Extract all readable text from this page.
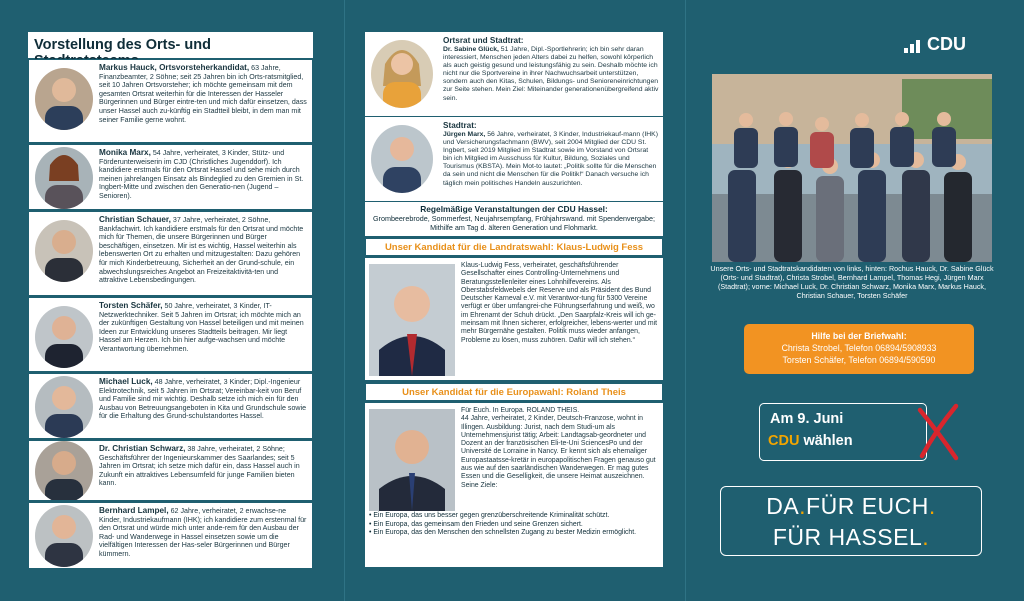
Vorstellung des Orts- und
Markus Hauck, Ortsvorsteherkandidat, 63 Jahre, Finanzbeamter, 2 Söhne; seit 25 Jahren bin ich Orts-ratsmitglied, seit 10 Jahren Ortsvorsteher; ich möchte gemeinsam mit dem gesamten Ortsrat weiterhin für die Interessen der Hasseler Bürgerinnen und Bürger eintre-ten und mich dafür einsetzen, dass unser Hassel auch zu-künftig ein Stadtteil bleibt, in dem man mit seiner Familie gerne wohnt.
Monika Marx, 54 Jahre, verheiratet, 3 Kinder, Stütz- und Förderunterweiserin im CJD (Christliches Jugenddorf). Ich kandidiere erstmals für den Ortsrat Hassel und sehe mich durch meinen jahrelangen Einsatz als Bindeglied zu den Gremien in St. Ingbert-Mitte und zwischen den Generatio-nen (Jugend – Senioren).
Christian Schauer, 37 Jahre, verheiratet, 2 Söhne, Bankfachwirt. Ich kandidiere erstmals für den Ortsrat und möchte mich für Themen, die unsere Bürgerinnen und Bürger beschäftigen, einsetzen. Mir ist es wichtig, Hassel weiterhin als lebenswerten Ort zu erhalten und mitzugestalten: Dazu gehören für mich Kinderbetreuung, Sicherheit an der Grund-schule, ein abwechslungsreiches Angebot an Freizeitaktivitä-ten und attraktive Lebensbedingungen.
Torsten Schäfer, 50 Jahre, verheiratet, 3 Kinder, IT-Netzwerktechniker. Seit 5 Jahren im Ortsrat; ich möchte mich an der zukünftigen Gestaltung von Hassel beteiligen und mit meinen Ideen zur Entwicklung unseres Stadtteils beitragen. Mir liegt Hassel am Herzen. Ich bin hier aufge-wachsen und möchte Verantwortung übernehmen.
Michael Luck, 48 Jahre, verheiratet, 3 Kinder; Dipl.-Ingenieur Elektrotechnik, seit 5 Jahren im Ortsrat; Vereinbar-keit von Beruf und Familie sind mir wichtig. Deshalb setze ich mich ein für den Ausbau von Betreuungsangeboten in Kita und Grundschule sowie für die Erhaltung des Grund-schulstandortes Hassel.
Dr. Christian Schwarz, 38 Jahre, verheiratet, 2 Söhne; Geschäftsführer der Ingenieurskammer des Saarlandes; seit 5 Jahren im Ortsrat; ich setze mich dafür ein, dass Hassel auch in Zukunft ein attraktives Lebensumfeld für junge Familien bieten kann.
Bernhard Lampel, 62 Jahre, verheiratet, 2 erwachse-ne Kinder, Industriekaufmann (IHK); ich kandidiere zum erstenmal für den Ortsrat und würde mich unter ande-rem für den Ausbau der Rad- und Wanderwege in Hassel einsetzen sowie um die vielfältigen Interessen der Has-seler Bürgerinnen und Bürger kümmern.
Ortsrat und Stadtrat:
Dr. Sabine Glück, 51 Jahre, Dipl.-Sportlehrerin; ich bin sehr daran interessiert, Menschen jeden Alters dabei zu helfen, sowohl körperlich als auch geistig gesund und leistungsfähig zu sein. Deshalb möchte ich nicht nur die Sportvereine in ihrer Nachwuchsarbeit unterstützen, sondern auch den Kitas, Schulen, Bildungs- und Senioreneinrichtungen zur Seite stehen. Mein Ziel: Miteinander generationenübergreifend aktiv sein.
Stadtrat:
Jürgen Marx, 56 Jahre, verheiratet, 3 Kinder, Industriekauf-mann (IHK) und Versicherungsfachmann (BWV), seit 2004 Mitglied der CDU St. Ingbert, seit 2019 Mitglied im Stadtrat sowie im Vorstand von Ortsrat bin ich Mitglied im Ausschuss für Kultur, Bildung, Soziales und Tourismus (KBSTA). Mein Mot-to lautet: „Politik sollte für die Menschen da sein und nicht die Menschen für die Politik!“ Danach versuche ich täglich mein politisches Handeln auszurichten.
Regelmäßige Veranstaltungen der CDU Hassel:
Grombeerebrode, Sommerfest, Neujahrsempfang, Frühjahrswand. mit Spendenvergabe; Mithilfe am Tag d. älteren Generation und Flohmarkt.
Unser Kandidat für die Landratswahl: Klaus-Ludwig Fess
Klaus-Ludwig Fess, verheiratet, geschäftsführender Gesellschafter eines Controlling-Unternehmens und Beratungsstellenleiter eines Lohnhilfevereins. Als Oberstabsfeldwebels der Reserve und als Präsident des Bund Deutscher Karneval e.V. mit Verantwor-tung für 5300 Vereine verfügt er über umfangrei-che Führungserfahrung und weiß, wo im Ehrenamt der Schuh drückt. „Den Saarpfalz-Kreis will ich ge-meinsam mit Ihnen sicherer, erfolgreicher, lebens-werter und mit mehr Bürgernähe gestalten. Politik muss wieder anfangen, Probleme zu lösen, muss zuhören. Dafür will ich stehen.“
Unser Kandidat für die Europawahl: Roland Theis
Für Euch. In Europa. ROLAND THEIS.
44 Jahre, verheiratet, 2 Kinder, Deutsch-Franzose, wohnt in Illingen. Ausbildung: Jurist, nach dem Studi-um als Unternehmensjurist tätig; Arbeit: Landtagsab-geordneter und Dozent an der französischen Eli-te-Uni SciencesPo und der Université de Lorraine in Nancy. Er kennt sich als ehemaliger Europastaatsse-kretär in europapolitischen Fragen genauso gut aus wie auf den saarländischen Wanderwegen. Er mag gutes Essen und die Geselligkeit, die unsere Heimat auszeichnen. Seine Ziele:
• Ein Europa, das uns besser gegen grenzüberschreitende Kriminalität schützt.
• Ein Europa, das gemeinsam den Frieden und seine Grenzen sichert.
• Ein Europa, das den Menschen den schnellsten Zugang zu bester Medizin ermöglicht.
CDU
Unsere Orts- und Stadtratskandidaten von links, hinten: Rochus Hauck, Dr. Sabine Glück (Orts- und Stadtrat), Christa Strobel, Bernhard Lampel, Thomas Hegi, Jürgen Marx (Stadtrat); vorne: Michael Luck, Dr. Christian Schwarz, Monika Marx, Markus Hauck, Christian Schauer, Torsten Schäfer
Hilfe bei der Briefwahl:
Christa Strobel, Telefon 06894/5908933
Torsten Schäfer, Telefon 06894/590590
Am 9. Juni
CDU wählen
DA.FÜR EUCH.
FÜR HASSEL.
